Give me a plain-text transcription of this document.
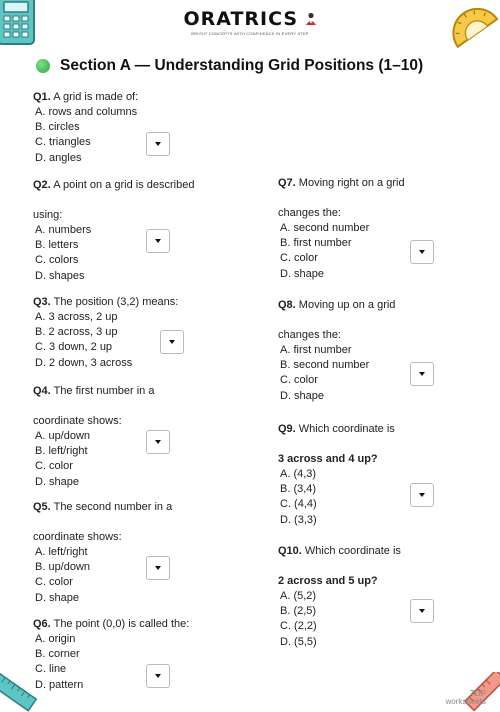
ORATRICS
BRIGHT CONCEPTS WITH CONFIDENCE IN EVERY STEP
Section A — Understanding Grid Positions (1–10)
Q1. A grid is made of:
A. rows and columns
B. circles
C. triangles
D. angles
Q2. A point on a grid is described
using:
A. numbers
B. letters
C. colors
D. shapes
Q3. The position (3,2) means:
A. 3 across, 2 up
B. 2 across, 3 up
C. 3 down, 2 up
D. 2 down, 3 across
Q4. The first number in a
coordinate shows:
A. up/down
B. left/right
C. color
D. shape
Q5. The second number in a
coordinate shows:
A. left/right
B. up/down
C. color
D. shape
Q6. The point (0,0) is called the:
A. origin
B. corner
C. line
D. pattern
Q7. Moving right on a grid
changes the:
A. second number
B. first number
C. color
D. shape
Q8. Moving up on a grid
changes the:
A. first number
B. second number
C. color
D. shape
Q9. Which coordinate is
3 across and 4 up?
A. (4,3)
B. (3,4)
C. (4,4)
D. (3,3)
Q10. Which coordinate is
2 across and 5 up?
A. (5,2)
B. (2,5)
C. (2,2)
D. (5,5)
TOP
worksheets
